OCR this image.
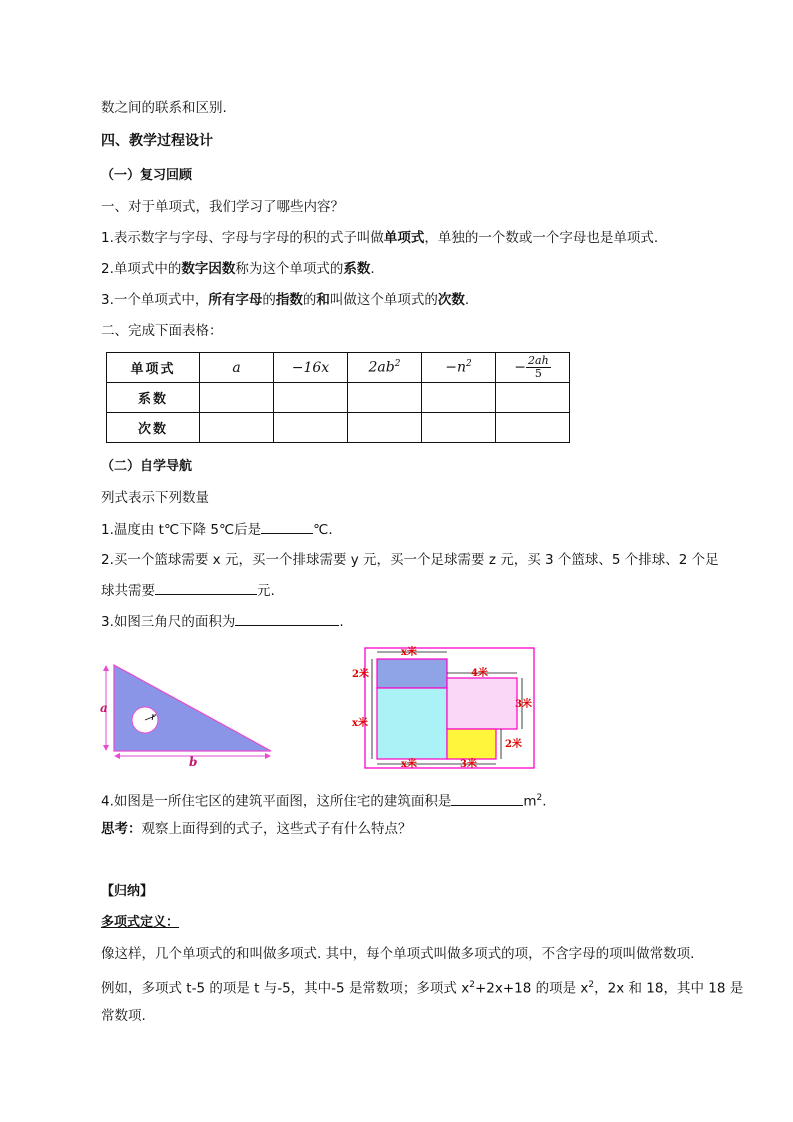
数之间的联系和区别.
四、教学过程设计
（一）复习回顾
一、对于单项式，我们学习了哪些内容？
1.表示数字与字母、字母与字母的积的式子叫做单项式，单独的一个数或一个字母也是单项式.
2.单项式中的数字因数称为这个单项式的系数.
3.一个单项式中，所有字母的指数的和叫做这个单项式的次数.
二、完成下面表格：
单项式	a	−16x	$2ab^2$	$-n^2$	− $\frac{2ah}{5}$

系数					
次数					
（二）自学导航
列式表示下列数量
1.温度由 t℃下降 5℃后是	℃.
2.买一个篮球需要 x 元，买一个排球需要 y 元，买一个足球需要 z 元，买 3 个篮球、5 个排球、2 个足
球共需要	元.
3.如图三角尺的面积为	.
r
a
b
x米
4米
2米
x米
3米
2米
x米	3米
4.如图是一所住宅区的建筑平面图，这所住宅的建筑面积是	$m^2$.
思考：观察上面得到的式子，这些式子有什么特点？
【归纳】
多项式定义：
像这样，几个单项式的和叫做多项式. 其中，每个单项式叫做多项式的项，不含字母的项叫做常数项.
例如，多项式 t-5 的项是 t 与-5，其中-5 是常数项；多项式 $x^2+2x+18$ 的项是 $x^2$，2x 和 18，其中 18 是
常数项.
